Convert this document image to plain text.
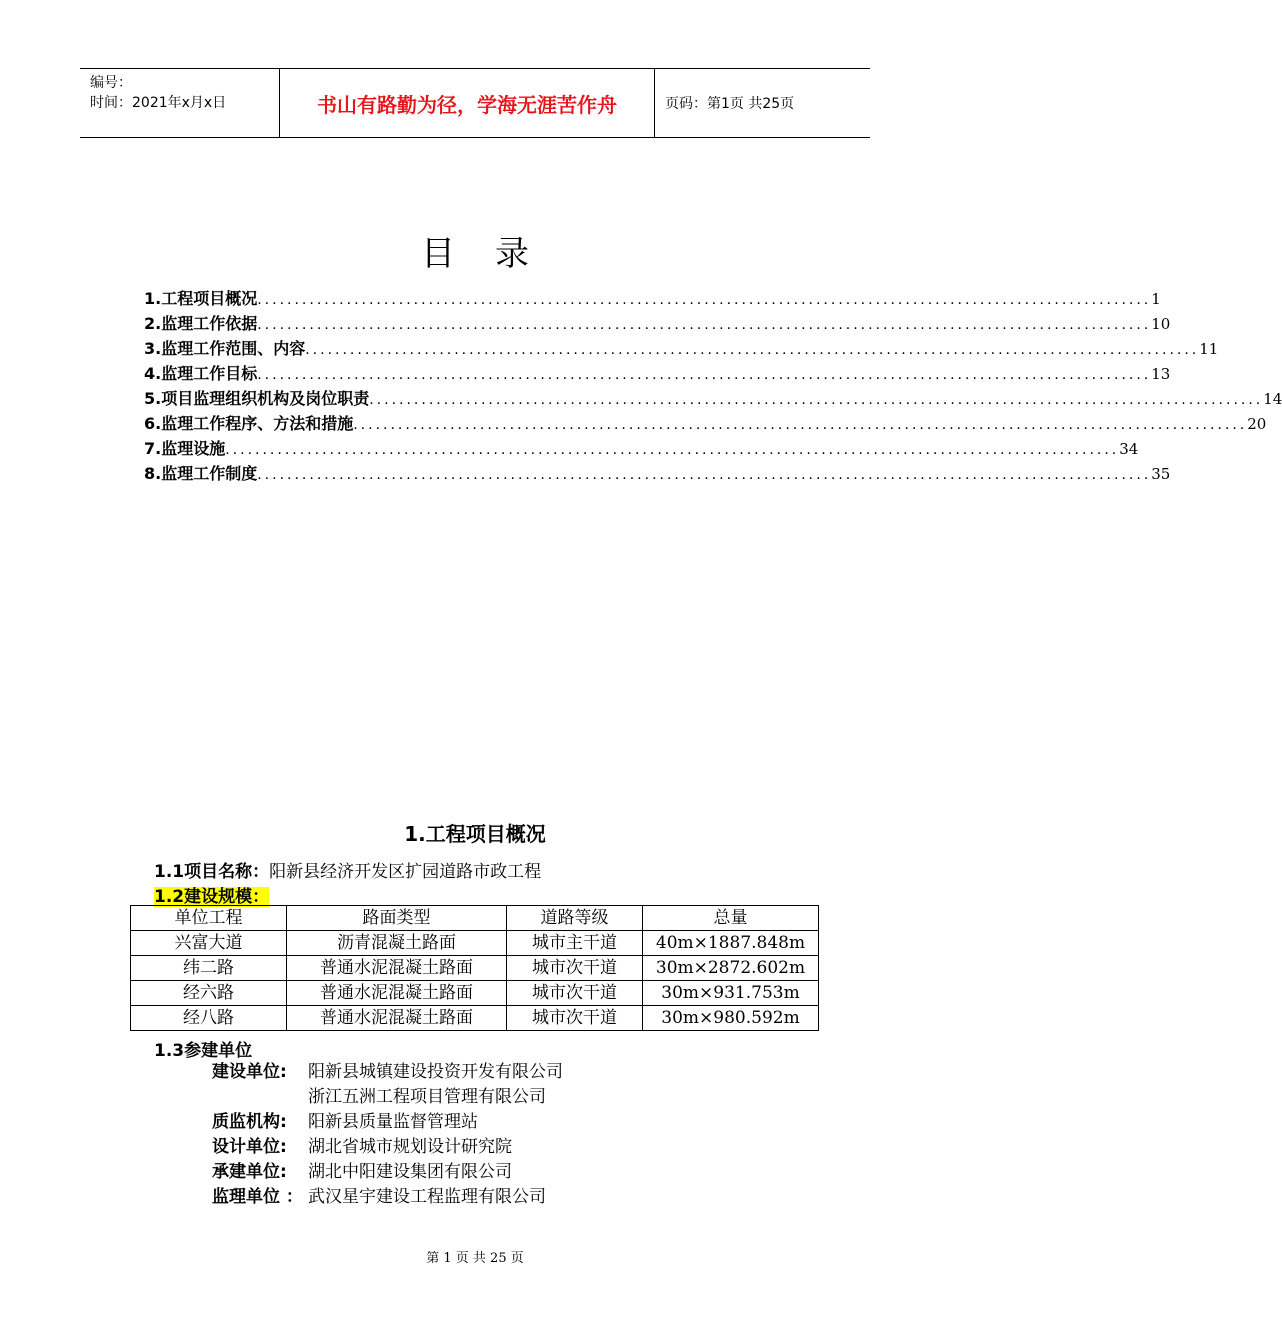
编号：
时间：2021年x月x日	书山有路勤为径，学海无涯苦作舟	页码：第1页 共25页
目录
1.工程项目概况 ........................................................................................................................ 1
2.监理工作依据 ........................................................................................................................ 10
3.监理工作范围、内容 ........................................................................................................................ 11
4.监理工作目标 ........................................................................................................................ 13
5.项目监理组织机构及岗位职责 ........................................................................................................................ 14
6.监理工作程序、方法和措施 ........................................................................................................................ 20
7.监理设施 ........................................................................................................................ 34
8.监理工作制度 ........................................................................................................................ 35
1.工程项目概况
1.1项目名称：阳新县经济开发区扩园道路市政工程
1.2建设规模：
单位工程	路面类型	道路等级	总量
兴富大道	沥青混凝土路面	城市主干道	40m×1887.848m
纬二路	普通水泥混凝土路面	城市次干道	30m×2872.602m
经六路	普通水泥混凝土路面	城市次干道	30m×931.753m
经八路	普通水泥混凝土路面	城市次干道	30m×980.592m
1.3参建单位
建设单位:	阳新县城镇建设投资开发有限公司
浙江五洲工程项目管理有限公司
质监机构:	阳新县质量监督管理站
设计单位:	湖北省城市规划设计研究院
承建单位:	湖北中阳建设集团有限公司
监理单位 ： 武汉星宇建设工程监理有限公司
第 1 页 共 25 页
